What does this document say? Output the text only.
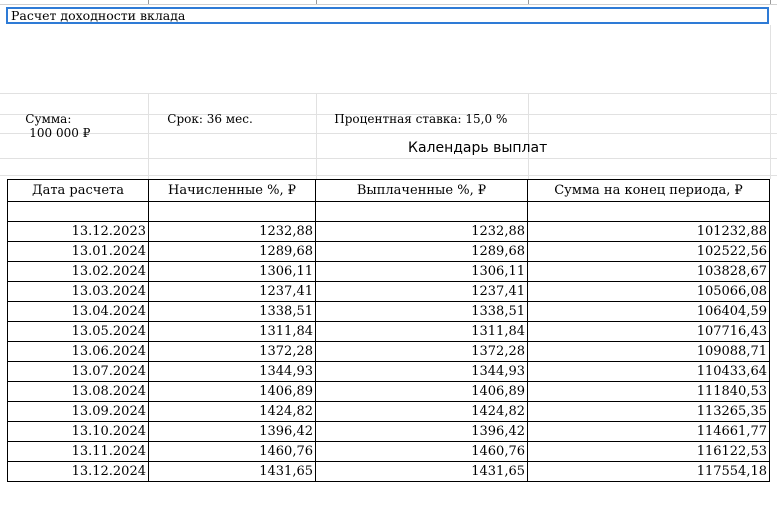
Расчет доходности вклада

Сумма:
100 000 ₽

Срок: 36 мес.
	Процентная ставка: 15,0 %

Календарь выплат
Дата расчета	Начисленные %, ₽	Выплаченные %, ₽	Сумма на конец периода, ₽

13.12.2023	1232,88	1232,88	101232,88
13.01.2024	1289,68	1289,68	102522,56
13.02.2024	1306,11	1306,11	103828,67
13.03.2024	1237,41	1237,41	105066,08
13.04.2024	1338,51	1338,51	106404,59
13.05.2024	1311,84	1311,84	107716,43
13.06.2024	1372,28	1372,28	109088,71
13.07.2024	1344,93	1344,93	110433,64
13.08.2024	1406,89	1406,89	111840,53
13.09.2024	1424,82	1424,82	113265,35
13.10.2024	1396,42	1396,42	114661,77
13.11.2024	1460,76	1460,76	116122,53
13.12.2024	1431,65	1431,65	117554,18
